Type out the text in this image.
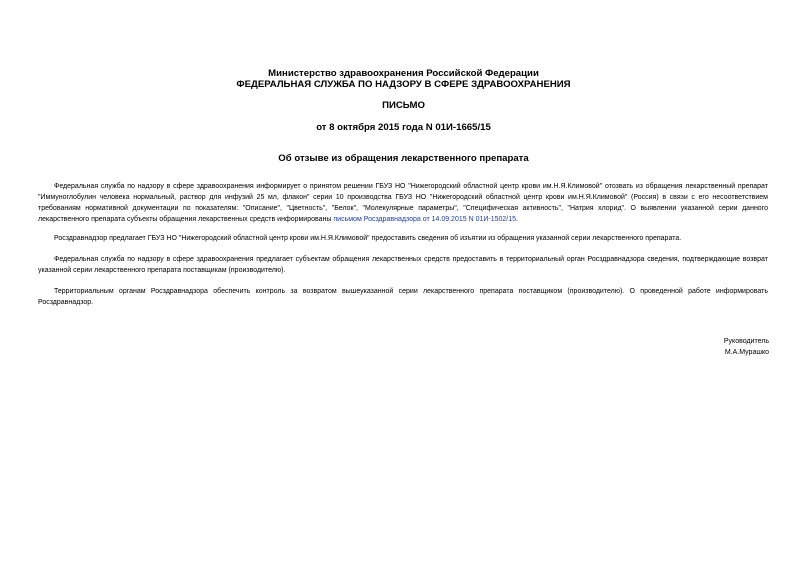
Министерство здравоохранения Российской Федерации
ФЕДЕРАЛЬНАЯ СЛУЖБА ПО НАДЗОРУ В СФЕРЕ ЗДРАВООХРАНЕНИЯ
ПИСЬМО
от 8 октября 2015 года N 01И-1665/15
Об отзыве из обращения лекарственного препарата

Федеральная служба по надзору в сфере здравоохранения информирует о принятом решении ГБУЗ НО "Нижегородский областной центр крови им.Н.Я.Климовой" отозвать из обращения лекарственный препарат "Иммуноглобулин человека нормальный, раствор для инфузий 25 мл, флакон" серии 10 производства ГБУЗ НО "Нижегородский областной центр крови им.Н.Я.Климовой" (Россия) в связи с его несоответствием требованиям нормативной документации по показателям: "Описание", "Цветность", "Белок", "Молекулярные параметры", "Специфическая активность", "Натрия хлорид". О выявлении указанной серии данного лекарственного препарата субъекты обращения лекарственных средств информированы письмом Росздравнадзора от 14.09.2015 N 01И-1502/15.

Росздравнадзор предлагает ГБУЗ НО "Нижегородский областной центр крови им.Н.Я.Климовой" предоставить сведения об изъятии из обращения указанной серии лекарственного препарата.

Федеральная служба по надзору в сфере здравоохранения предлагает субъектам обращения лекарственных средств предоставить в территориальный орган Росздравнадзора сведения, подтверждающие возврат указанной серии лекарственного препарата поставщикам (производителю).

Территориальным органам Росздравнадзора обеспечить контроль за возвратом вышеуказанной серии лекарственного препарата поставщиком (производителю). О проведенной работе информировать Росздравнадзор.

Руководитель
М.А.Мурашко
